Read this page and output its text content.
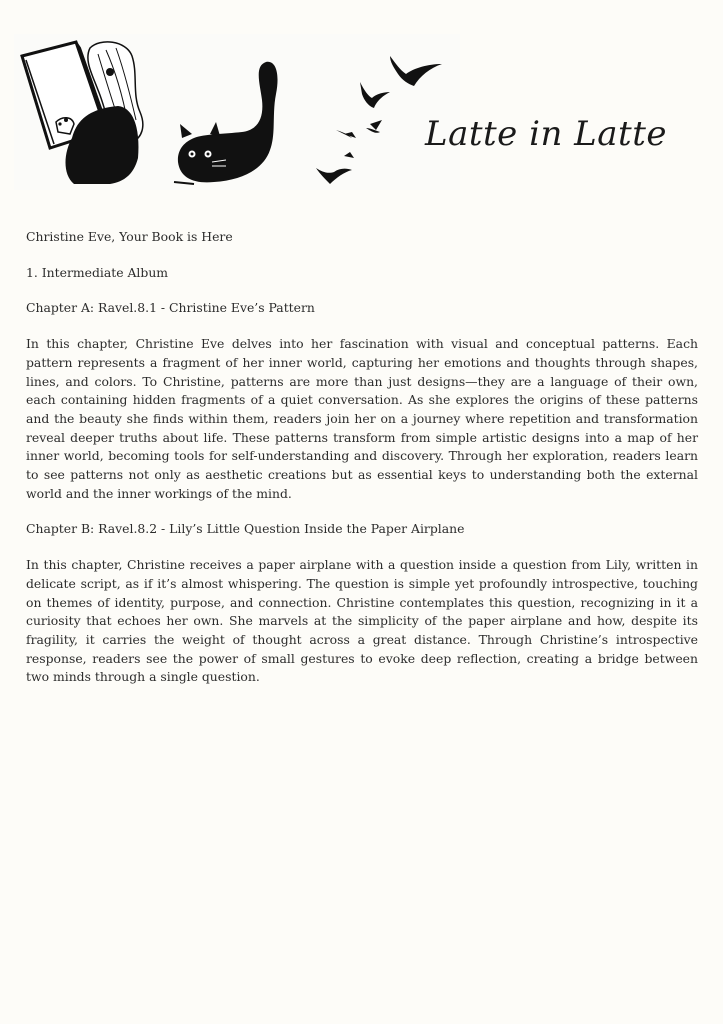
Latte in Latte

Christine Eve, Your Book is Here

1. Intermediate Album

Chapter A: Ravel.8.1 - Christine Eve’s Pattern

In this chapter, Christine Eve delves into her fascination with visual and conceptual patterns. Each pattern represents a fragment of her inner world, capturing her emotions and thoughts through shapes, lines, and colors. To Christine, patterns are more than just designs—they are a language of their own, each containing hidden fragments of a quiet conversation. As she explores the origins of these patterns and the beauty she finds within them, readers join her on a journey where repetition and transformation reveal deeper truths about life. These patterns transform from simple artistic designs into a map of her inner world, becoming tools for self-understanding and discovery. Through her exploration, readers learn to see patterns not only as aesthetic creations but as essential keys to understanding both the external world and the inner workings of the mind.

Chapter B: Ravel.8.2 - Lily’s Little Question Inside the Paper Airplane

In this chapter, Christine receives a paper airplane with a question inside a question from Lily, written in delicate script, as if it’s almost whispering. The question is simple yet profoundly introspective, touching on themes of identity, purpose, and connection. Christine contemplates this question, recognizing in it a curiosity that echoes her own. She marvels at the simplicity of the paper airplane and how, despite its fragility, it carries the weight of thought across a great distance. Through Christine’s introspective response, readers see the power of small gestures to evoke deep reflection, creating a bridge between two minds through a single question.
